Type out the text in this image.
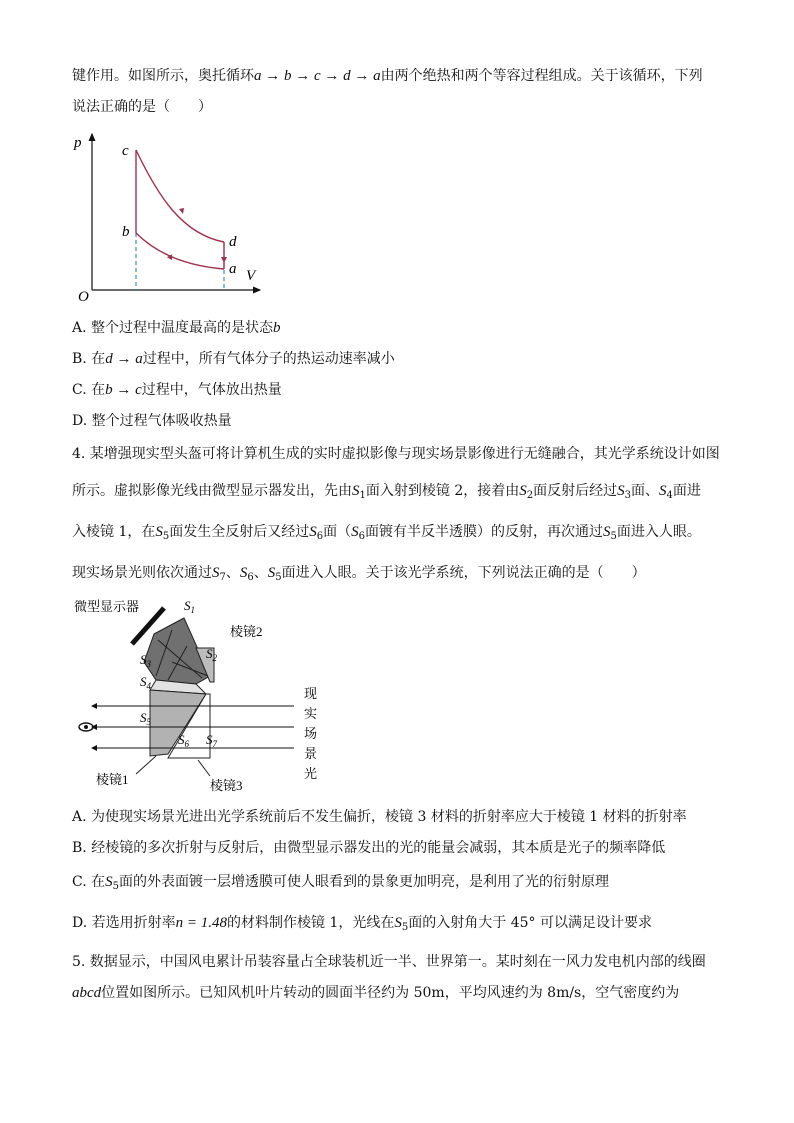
键作用。如图所示，奥托循环a → b → c → d → a由两个绝热和两个等容过程组成。关于该循环，下列
说法正确的是（　　）
p
V
O
c
b
d
a
A. 整个过程中温度最高的是状态b
B. 在d → a过程中，所有气体分子的热运动速率减小
C. 在b → c过程中，气体放出热量
D. 整个过程气体吸收热量
4. 某增强现实型头盔可将计算机生成的实时虚拟影像与现实场景影像进行无缝融合，其光学系统设计如图
所示。虚拟影像光线由微型显示器发出，先由$S_1$面入射到棱镜 2，接着由$S_2$面反射后经过$S_3$面、$S_4$面进
入棱镜 1，在$S_5$面发生全反射后又经过$S_6$面（$S_6$面镀有半反半透膜）的反射，再次通过$S_5$面进入人眼。
现实场景光则依次通过$S_7$、$S_6$、$S_5$面进入人眼。关于该光学系统，下列说法正确的是（　　）
微型显示器	$S_1$
棱镜2
$S_2$
$S_3$
$S_4$
$S_5$
$S_6$ $S_7$
棱镜1	棱镜3
现
实
场
景
光
A. 为使现实场景光进出光学系统前后不发生偏折，棱镜 3 材料的折射率应大于棱镜 1 材料的折射率
B. 经棱镜的多次折射与反射后，由微型显示器发出的光的能量会减弱，其本质是光子的频率降低
C. 在$S_5$面的外表面镀一层增透膜可使人眼看到的景象更加明亮，是利用了光的衍射原理
D. 若选用折射率n = 1.48的材料制作棱镜 1，光线在$S_5$面的入射角大于 45° 可以满足设计要求
5. 数据显示，中国风电累计吊装容量占全球装机近一半、世界第一。某时刻在一风力发电机内部的线圈
abcd位置如图所示。已知风机叶片转动的圆面半径约为 50m，平均风速约为 8m/s，空气密度约为
